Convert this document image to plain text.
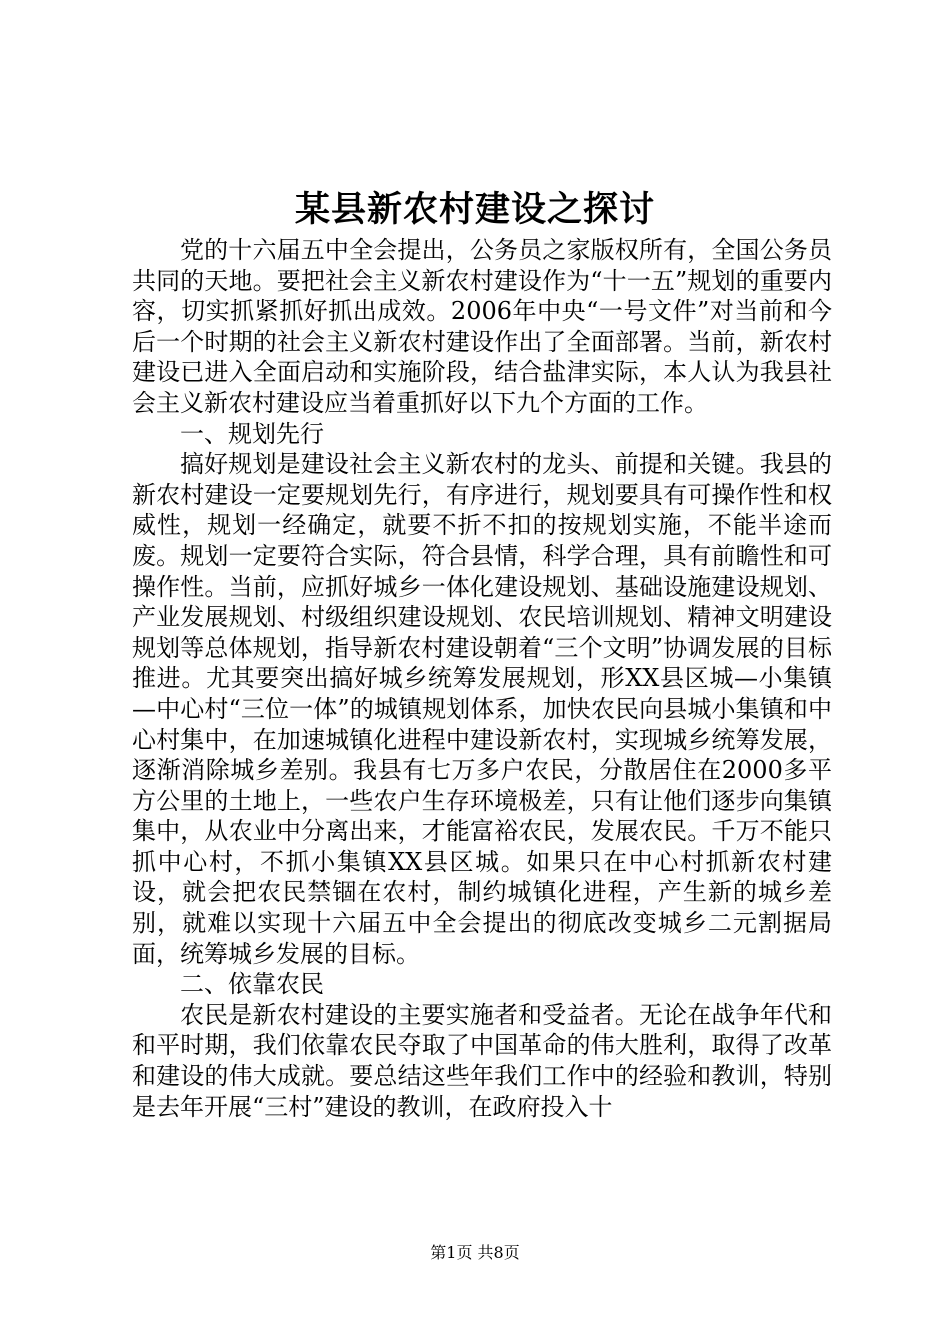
某县新农村建设之探讨

党的十六届五中全会提出，公务员之家版权所有，全国公务员共同的天地。要把社会主义新农村建设作为“十一五”规划的重要内容，切实抓紧抓好抓出成效。2006年中央“一号文件”对当前和今后一个时期的社会主义新农村建设作出了全面部署。当前，新农村建设已进入全面启动和实施阶段，结合盐津实际，本人认为我县社会主义新农村建设应当着重抓好以下九个方面的工作。

一、规划先行

搞好规划是建设社会主义新农村的龙头、前提和关键。我县的新农村建设一定要规划先行，有序进行，规划要具有可操作性和权威性，规划一经确定，就要不折不扣的按规划实施，不能半途而废。规划一定要符合实际，符合县情，科学合理，具有前瞻性和可操作性。当前，应抓好城乡一体化建设规划、基础设施建设规划、产业发展规划、村级组织建设规划、农民培训规划、精神文明建设规划等总体规划，指导新农村建设朝着“三个文明”协调发展的目标推进。尤其要突出搞好城乡统筹发展规划，形XX县区城—小集镇—中心村“三位一体”的城镇规划体系，加快农民向县城小集镇和中心村集中，在加速城镇化进程中建设新农村，实现城乡统筹发展，逐渐消除城乡差别。我县有七万多户农民，分散居住在2000多平方公里的土地上，一些农户生存环境极差，只有让他们逐步向集镇集中，从农业中分离出来，才能富裕农民，发展农民。千万不能只抓中心村，不抓小集镇XX县区城。如果只在中心村抓新农村建设，就会把农民禁锢在农村，制约城镇化进程，产生新的城乡差别，就难以实现十六届五中全会提出的彻底改变城乡二元割据局面，统筹城乡发展的目标。

二、依靠农民

农民是新农村建设的主要实施者和受益者。无论在战争年代和和平时期，我们依靠农民夺取了中国革命的伟大胜利，取得了改革和建设的伟大成就。要总结这些年我们工作中的经验和教训，特别是去年开展“三村”建设的教训，在政府投入十

第1页 共8页
